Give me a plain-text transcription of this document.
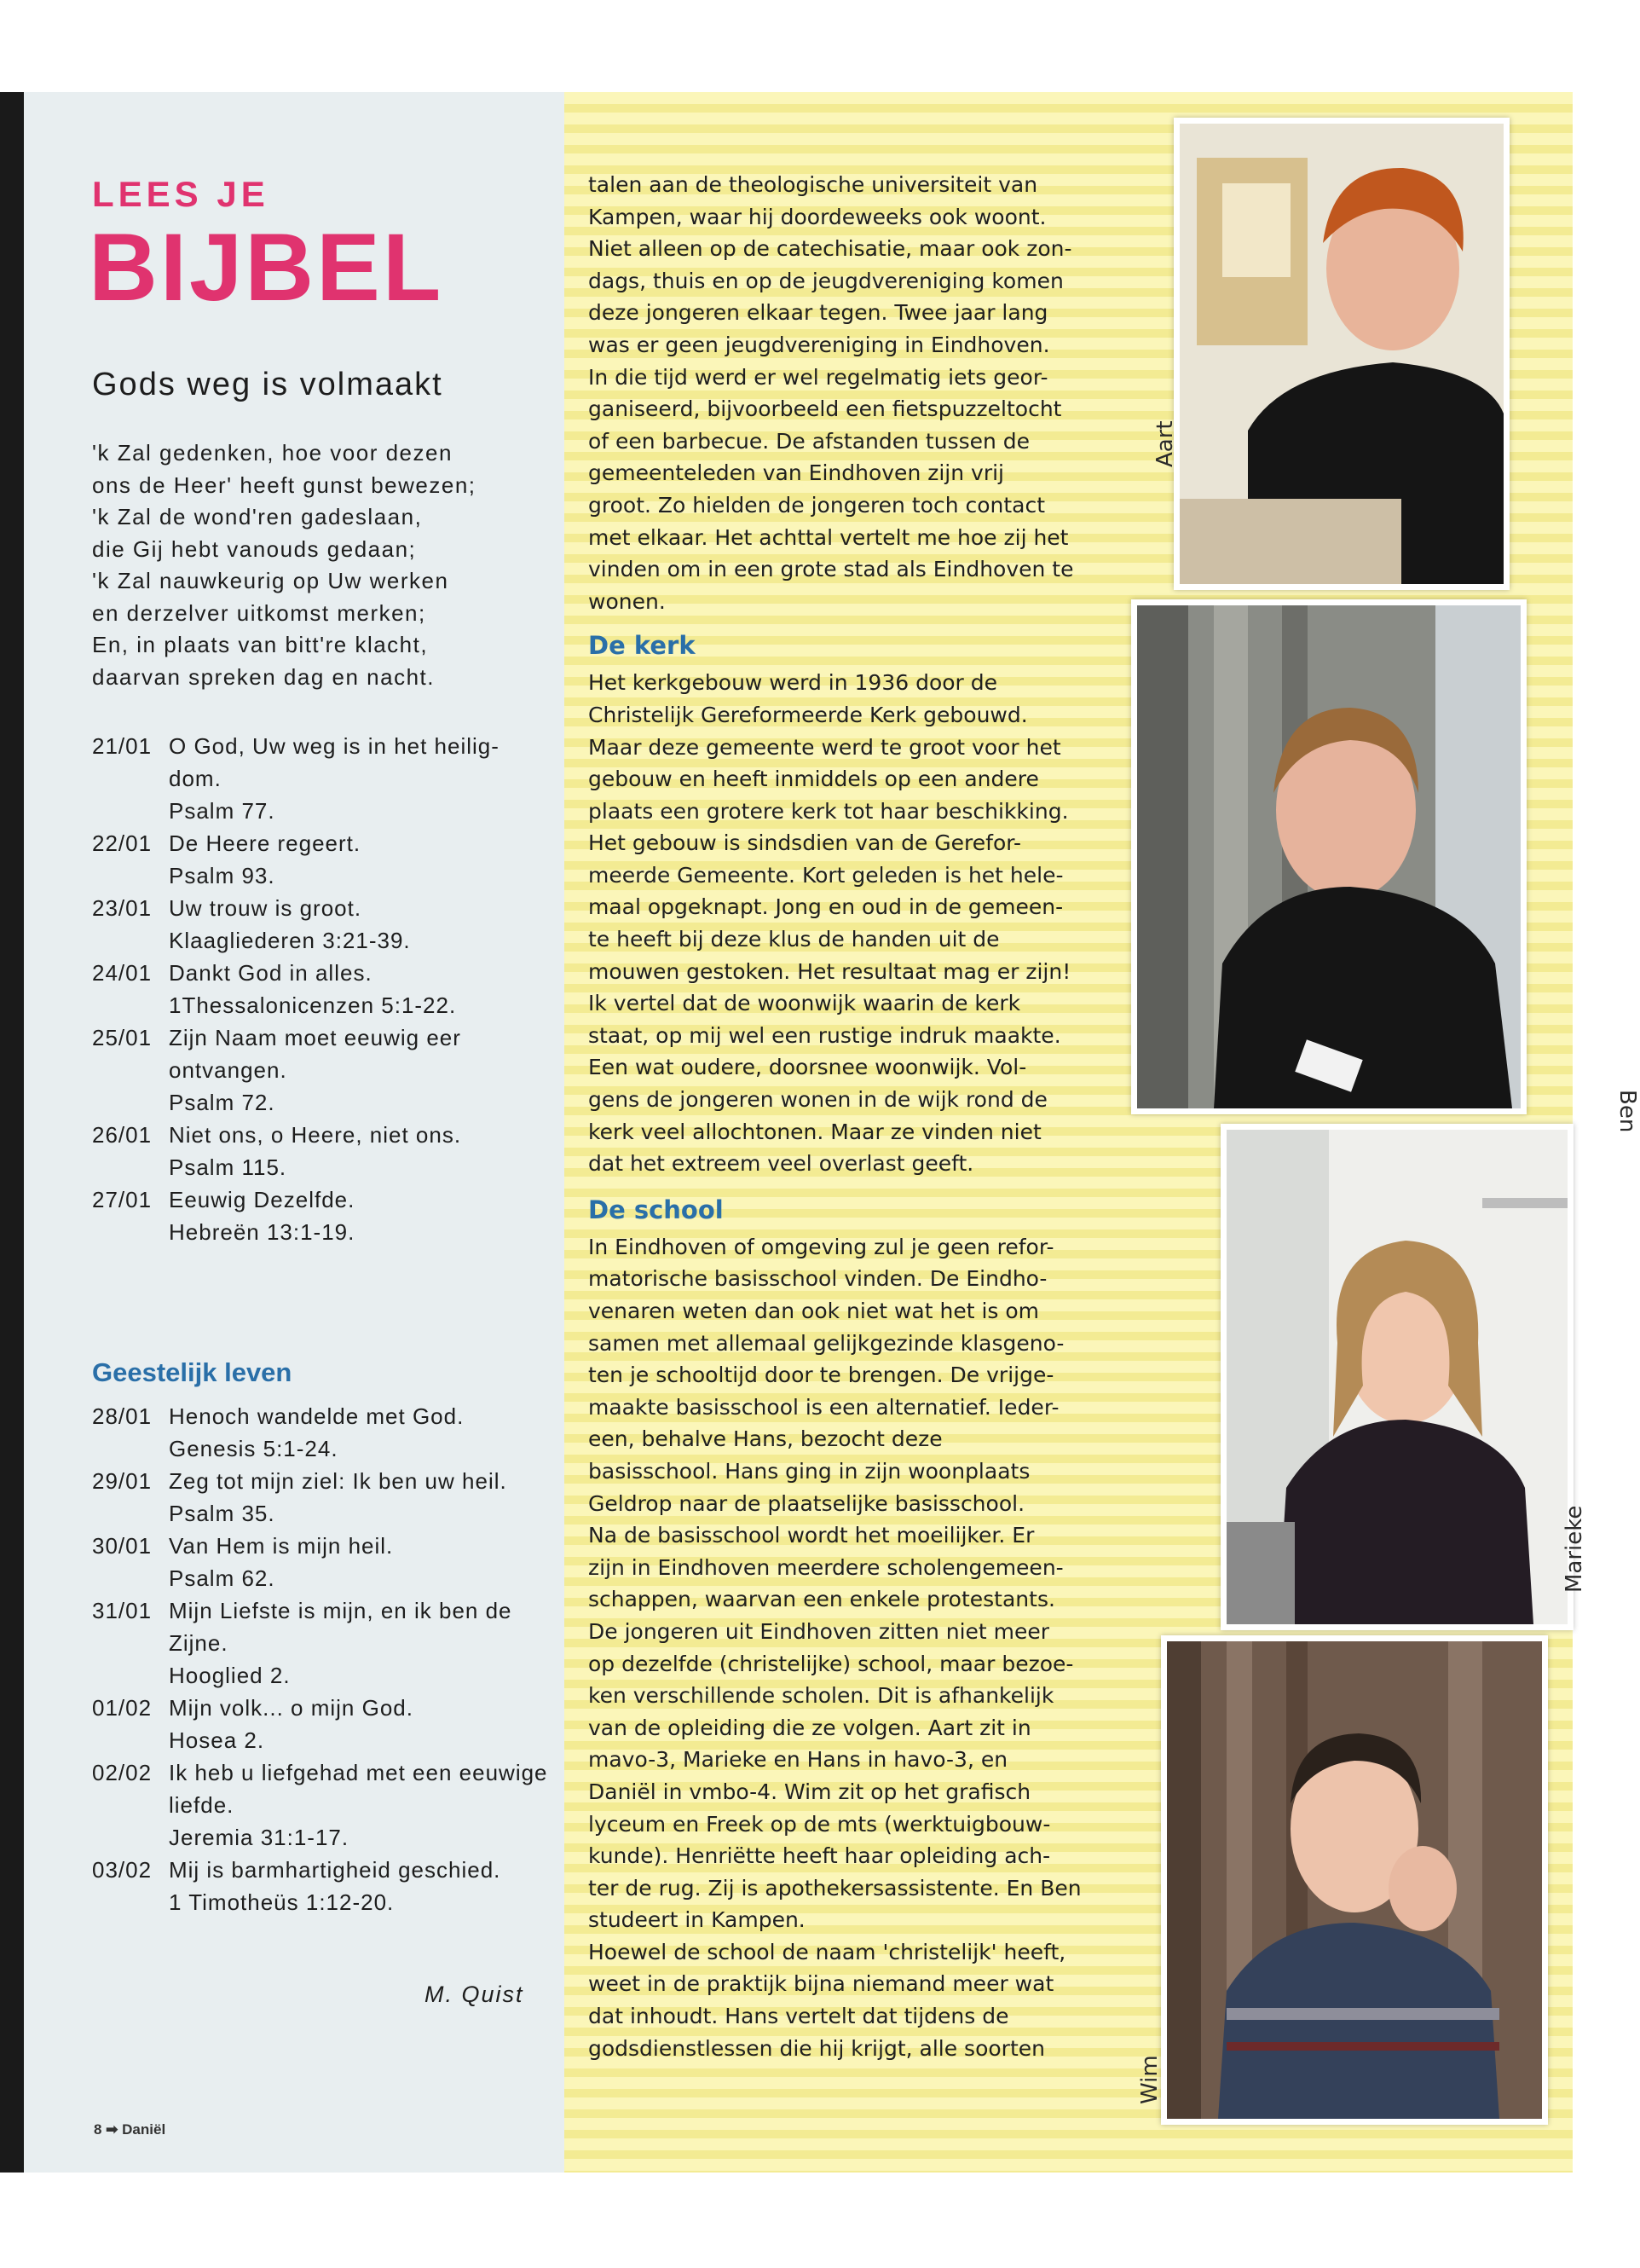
LEES JE
BIJBEL
Gods weg is volmaakt
'k Zal gedenken, hoe voor dezen
ons de Heer' heeft gunst bewezen;
'k Zal de wond'ren gadeslaan,
die Gij hebt vanouds gedaan;
'k Zal nauwkeurig op Uw werken
en derzelver uitkomst merken;
En, in plaats van bitt're klacht,
daarvan spreken dag en nacht.
21/01 O God, Uw weg is in het heilig- dom.
Psalm 77.
22/01 De Heere regeert.
Psalm 93.
23/01 Uw trouw is groot.
Klaagliederen 3:21-39.
24/01 Dankt God in alles.
1Thessalonicenzen 5:1-22.
25/01 Zijn Naam moet eeuwig eer ontvangen.
Psalm 72.
26/01 Niet ons, o Heere, niet ons.
Psalm 115.
27/01 Eeuwig Dezelfde.
Hebreën 13:1-19.
Geestelijk leven
28/01 Henoch wandelde met God.
Genesis 5:1-24.
29/01 Zeg tot mijn ziel: Ik ben uw heil.
Psalm 35.
30/01 Van Hem is mijn heil.
Psalm 62.
31/01 Mijn Liefste is mijn, en ik ben de Zijne.
Hooglied 2.
01/02 Mijn volk... o mijn God.
Hosea 2.
02/02 Ik heb u liefgehad met een eeuwige liefde.
Jeremia 31:1-17.
03/02 Mij is barmhartigheid geschied.
1 Timotheüs 1:12-20.
M. Quist
8 ➡ Daniël

talen aan de theologische universiteit van

Kampen, waar hij doordeweeks ook woont.

Niet alleen op de catechisatie, maar ook zon-

dags, thuis en op de jeugdvereniging komen

deze jongeren elkaar tegen. Twee jaar lang

was er geen jeugdvereniging in Eindhoven.

In die tijd werd er wel regelmatig iets geor-

ganiseerd, bijvoorbeeld een fietspuzzeltocht

of een barbecue. De afstanden tussen de

gemeenteleden van Eindhoven zijn vrij

groot. Zo hielden de jongeren toch contact

met elkaar. Het achttal vertelt me hoe zij het

vinden om in een grote stad als Eindhoven te

wonen.

De kerk

Het kerkgebouw werd in 1936 door de

Christelijk Gereformeerde Kerk gebouwd.

Maar deze gemeente werd te groot voor het

gebouw en heeft inmiddels op een andere

plaats een grotere kerk tot haar beschikking.

Het gebouw is sindsdien van de Gerefor-

meerde Gemeente. Kort geleden is het hele-

maal opgeknapt. Jong en oud in de gemeen-

te heeft bij deze klus de handen uit de

mouwen gestoken. Het resultaat mag er zijn!

Ik vertel dat de woonwijk waarin de kerk

staat, op mij wel een rustige indruk maakte.

Een wat oudere, doorsnee woonwijk. Vol-

gens de jongeren wonen in de wijk rond de

kerk veel allochtonen. Maar ze vinden niet

dat het extreem veel overlast geeft.

De school

In Eindhoven of omgeving zul je geen refor-

matorische basisschool vinden. De Eindho-

venaren weten dan ook niet wat het is om

samen met allemaal gelijkgezinde klasgeno-

ten je schooltijd door te brengen. De vrijge-

maakte basisschool is een alternatief. Ieder-

een, behalve Hans, bezocht deze

basisschool. Hans ging in zijn woonplaats

Geldrop naar de plaatselijke basisschool.

Na de basisschool wordt het moeilijker. Er

zijn in Eindhoven meerdere scholengemeen-

schappen, waarvan een enkele protestants.

De jongeren uit Eindhoven zitten niet meer

op dezelfde (christelijke) school, maar bezoe-

ken verschillende scholen. Dit is afhankelijk

van de opleiding die ze volgen. Aart zit in

mavo-3, Marieke en Hans in havo-3, en

Daniël in vmbo-4. Wim zit op het grafisch

lyceum en Freek op de mts (werktuigbouw-

kunde). Henriëtte heeft haar opleiding ach-

ter de rug. Zij is apothekersassistente. En Ben

studeert in Kampen.

Hoewel de school de naam 'christelijk' heeft,

weet in de praktijk bijna niemand meer wat

dat inhoudt. Hans vertelt dat tijdens de

godsdienstlessen die hij krijgt, alle soorten

Aart
Ben
Marieke
Wim
